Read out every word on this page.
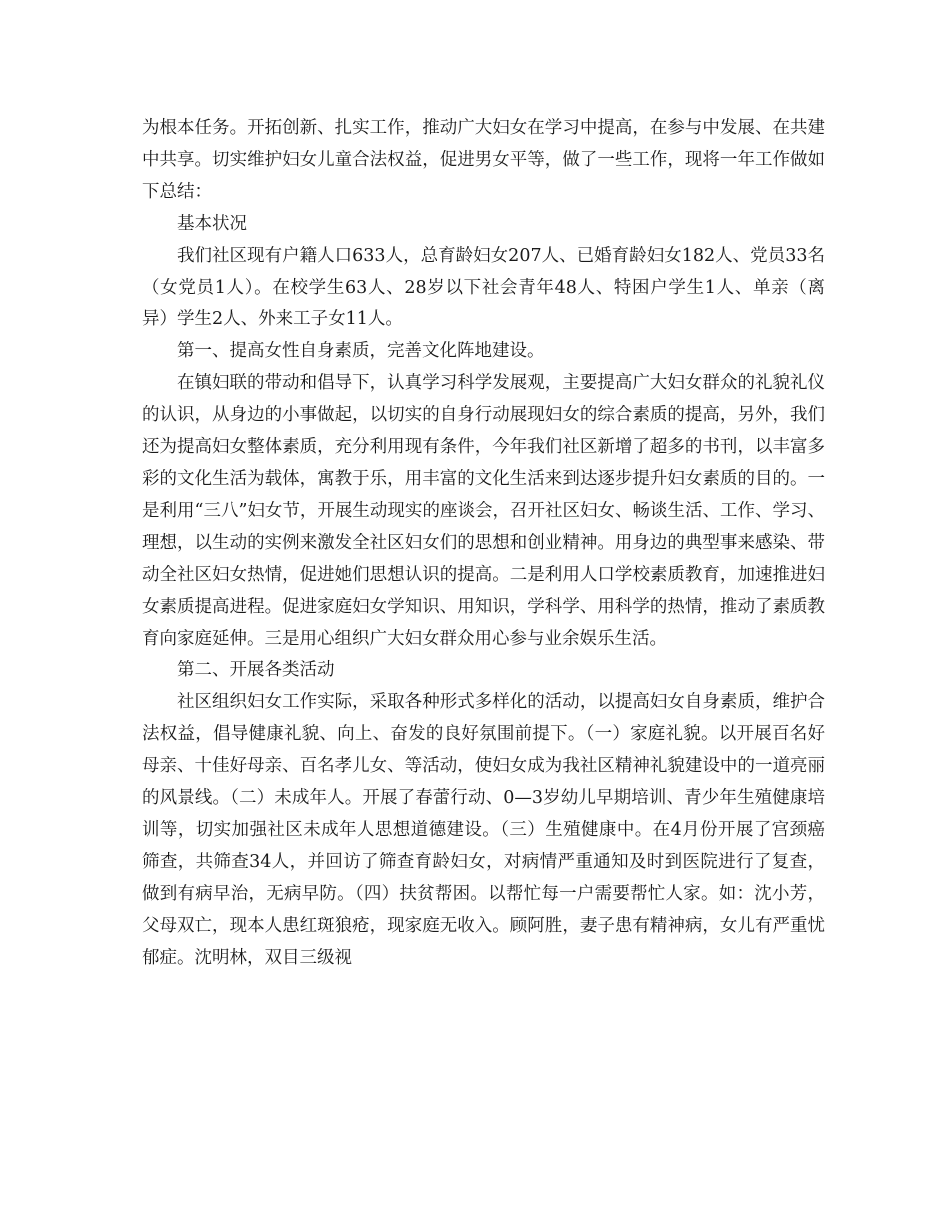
为根本任务。开拓创新、扎实工作，推动广大妇女在学习中提高，在参与中发展、在共建中共享。切实维护妇女儿童合法权益，促进男女平等，做了一些工作，现将一年工作做如下总结：

基本状况

我们社区现有户籍人口633人，总育龄妇女207人、已婚育龄妇女182人、党员33名（女党员1人）。在校学生63人、28岁以下社会青年48人、特困户学生1人、单亲（离异）学生2人、外来工子女11人。

第一、提高女性自身素质，完善文化阵地建设。

在镇妇联的带动和倡导下，认真学习科学发展观，主要提高广大妇女群众的礼貌礼仪的认识，从身边的小事做起，以切实的自身行动展现妇女的综合素质的提高，另外，我们还为提高妇女整体素质，充分利用现有条件，今年我们社区新增了超多的书刊，以丰富多彩的文化生活为载体，寓教于乐，用丰富的文化生活来到达逐步提升妇女素质的目的。一是利用“三八”妇女节，开展生动现实的座谈会，召开社区妇女、畅谈生活、工作、学习、理想，以生动的实例来激发全社区妇女们的思想和创业精神。用身边的典型事来感染、带动全社区妇女热情，促进她们思想认识的提高。二是利用人口学校素质教育，加速推进妇女素质提高进程。促进家庭妇女学知识、用知识，学科学、用科学的热情，推动了素质教育向家庭延伸。三是用心组织广大妇女群众用心参与业余娱乐生活。

第二、开展各类活动

社区组织妇女工作实际，采取各种形式多样化的活动，以提高妇女自身素质，维护合法权益，倡导健康礼貌、向上、奋发的良好氛围前提下。（一）家庭礼貌。以开展百名好母亲、十佳好母亲、百名孝儿女、等活动，使妇女成为我社区精神礼貌建设中的一道亮丽的风景线。（二）未成年人。开展了春蕾行动、0—3岁幼儿早期培训、青少年生殖健康培训等，切实加强社区未成年人思想道德建设。（三）生殖健康中。在4月份开展了宫颈癌筛查，共筛查34人，并回访了筛查育龄妇女，对病情严重通知及时到医院进行了复查，做到有病早治，无病早防。（四）扶贫帮困。以帮忙每一户需要帮忙人家。如：沈小芳，父母双亡，现本人患红斑狼疮，现家庭无收入。顾阿胜，妻子患有精神病，女儿有严重忧郁症。沈明林，双目三级视
